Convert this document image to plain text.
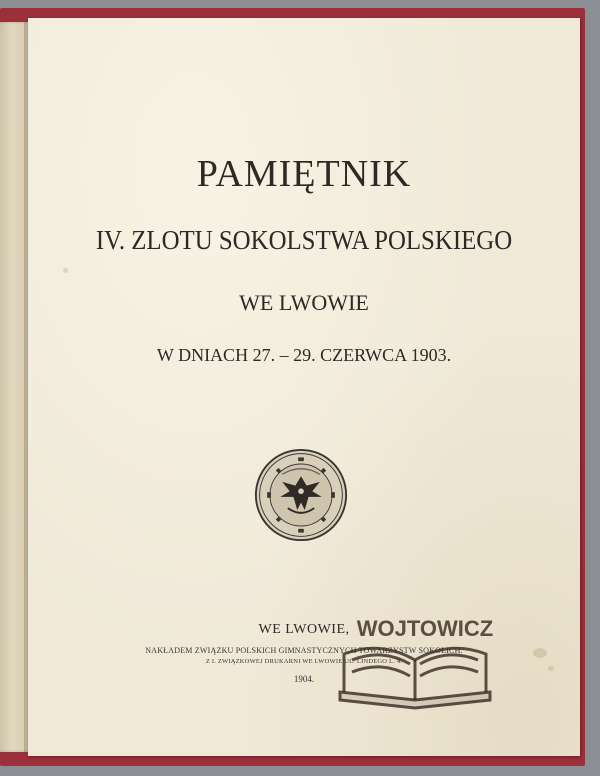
PAMIĘTNIK
IV. ZLOTU SOKOLSTWA POLSKIEGO
WE LWOWIE
W DNIACH 27. – 29. CZERWCA 1903.
WE LWOWIE,
NAKŁADEM ZWIĄZKU POLSKICH GIMNASTYCZNYCH TOWARZYSTW SOKOLICH.
Z I. ZWIĄZKOWEJ DRUKARNI WE LWOWIE UL. LINDEGO L. 4.
1904.
WOJTOWICZ
